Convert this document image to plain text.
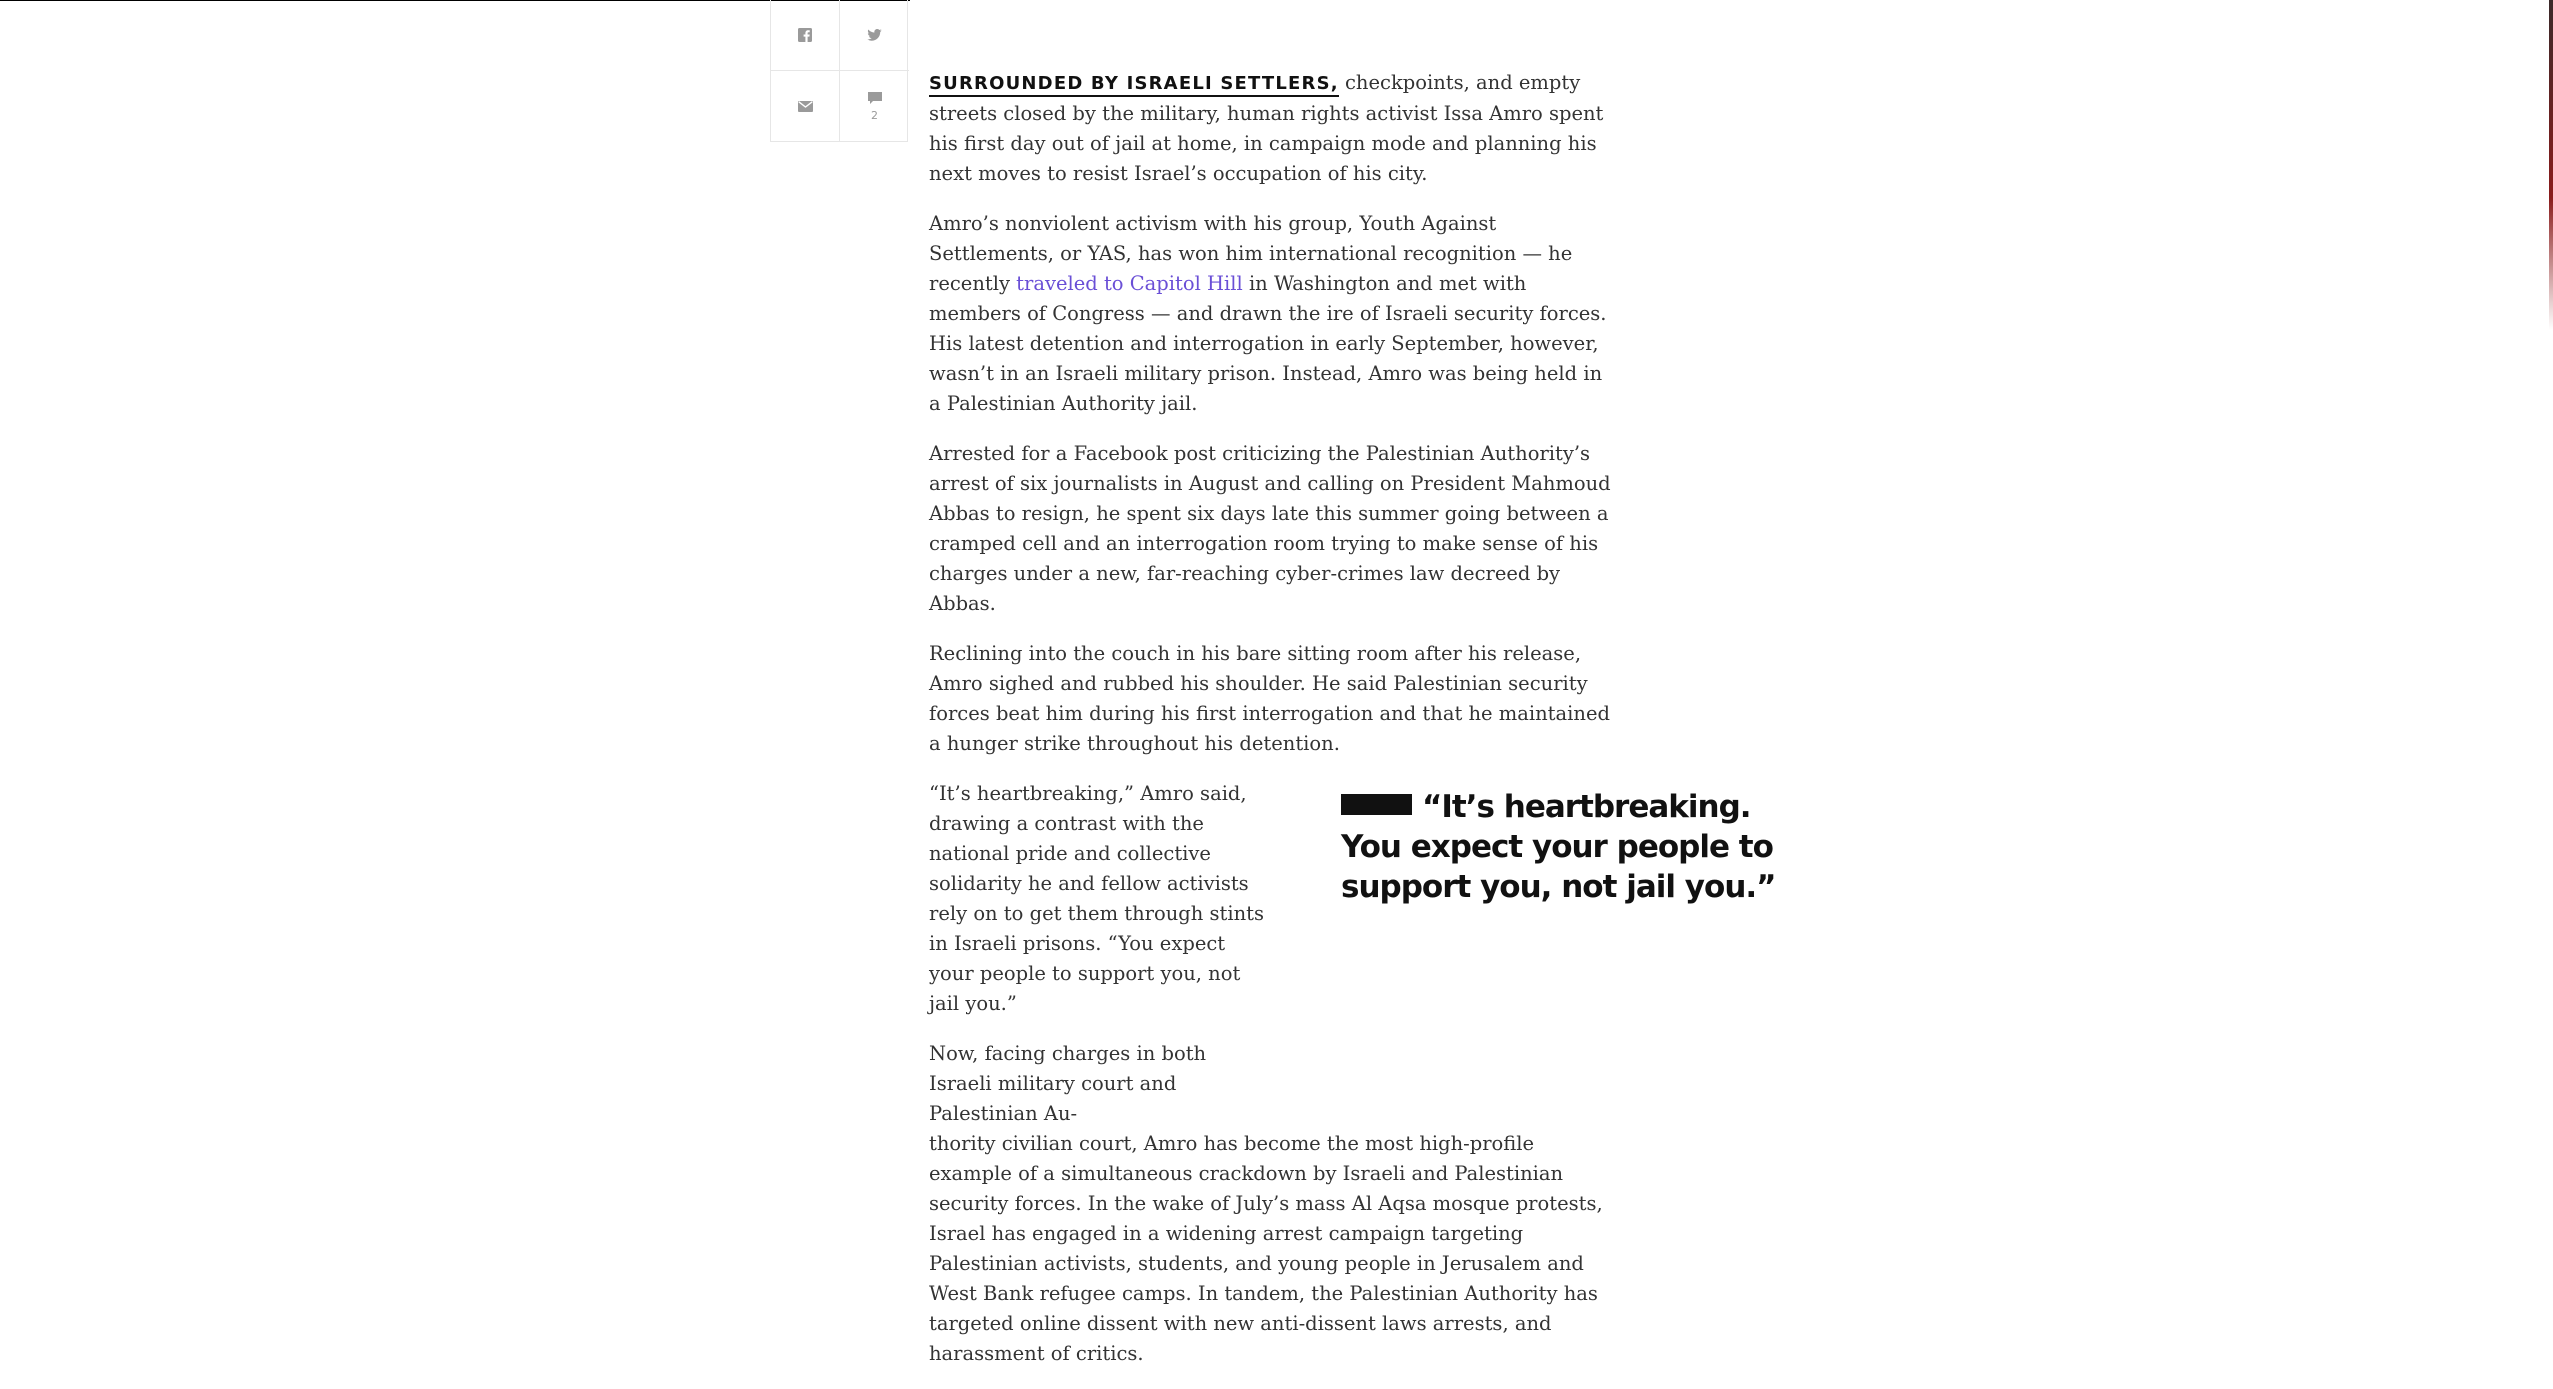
2

SURROUNDED BY ISRAELI SETTLERS, checkpoints, and empty streets closed by the military, human rights activist Issa Amro spent his first day out of jail at home, in campaign mode and planning his next moves to resist Israel’s occupation of his city.

Amro’s nonviolent activism with his group, Youth Against Settlements, or YAS, has won him international recognition — he recently traveled to Capitol Hill in Washington and met with members of Congress — and drawn the ire of Israeli security forces. His latest detention and interrogation in early September, however, wasn’t in an Israeli military prison. Instead, Amro was being held in a Palestinian Authority jail.

Arrested for a Facebook post criticizing the Palestinian Authority’s arrest of six journalists in August and calling on President Mahmoud Abbas to resign, he spent six days late this summer going between a cramped cell and an interrogation room trying to make sense of his charges under a new, far-reaching cyber-crimes law decreed by Abbas.

Reclining into the couch in his bare sitting room after his release, Amro sighed and rubbed his shoulder. He said Palestinian security forces beat him during his first interrogation and that he maintained a hunger strike throughout his detention.

“It’s heartbreaking,” Amro said, drawing a contrast with the national pride and collective solidarity he and fellow activists rely on to get them through stints in Israeli prisons. “You expect your people to support you, not jail you.”

Now, facing charges in both Israeli military court and Palestinian Au-
thority civilian court, Amro has become the most high-profile example of a simultaneous crackdown by Israeli and Palestinian security forces. In the wake of July’s mass Al Aqsa mosque protests, Israel has engaged in a widening arrest campaign targeting Palestinian activists, students, and young people in Jerusalem and West Bank refugee camps. In tandem, the Palestinian Authority has targeted online dissent with new anti-dissent laws arrests, and harassment of critics.

“It’s heartbreaking. You expect your people to support you, not jail you.”
